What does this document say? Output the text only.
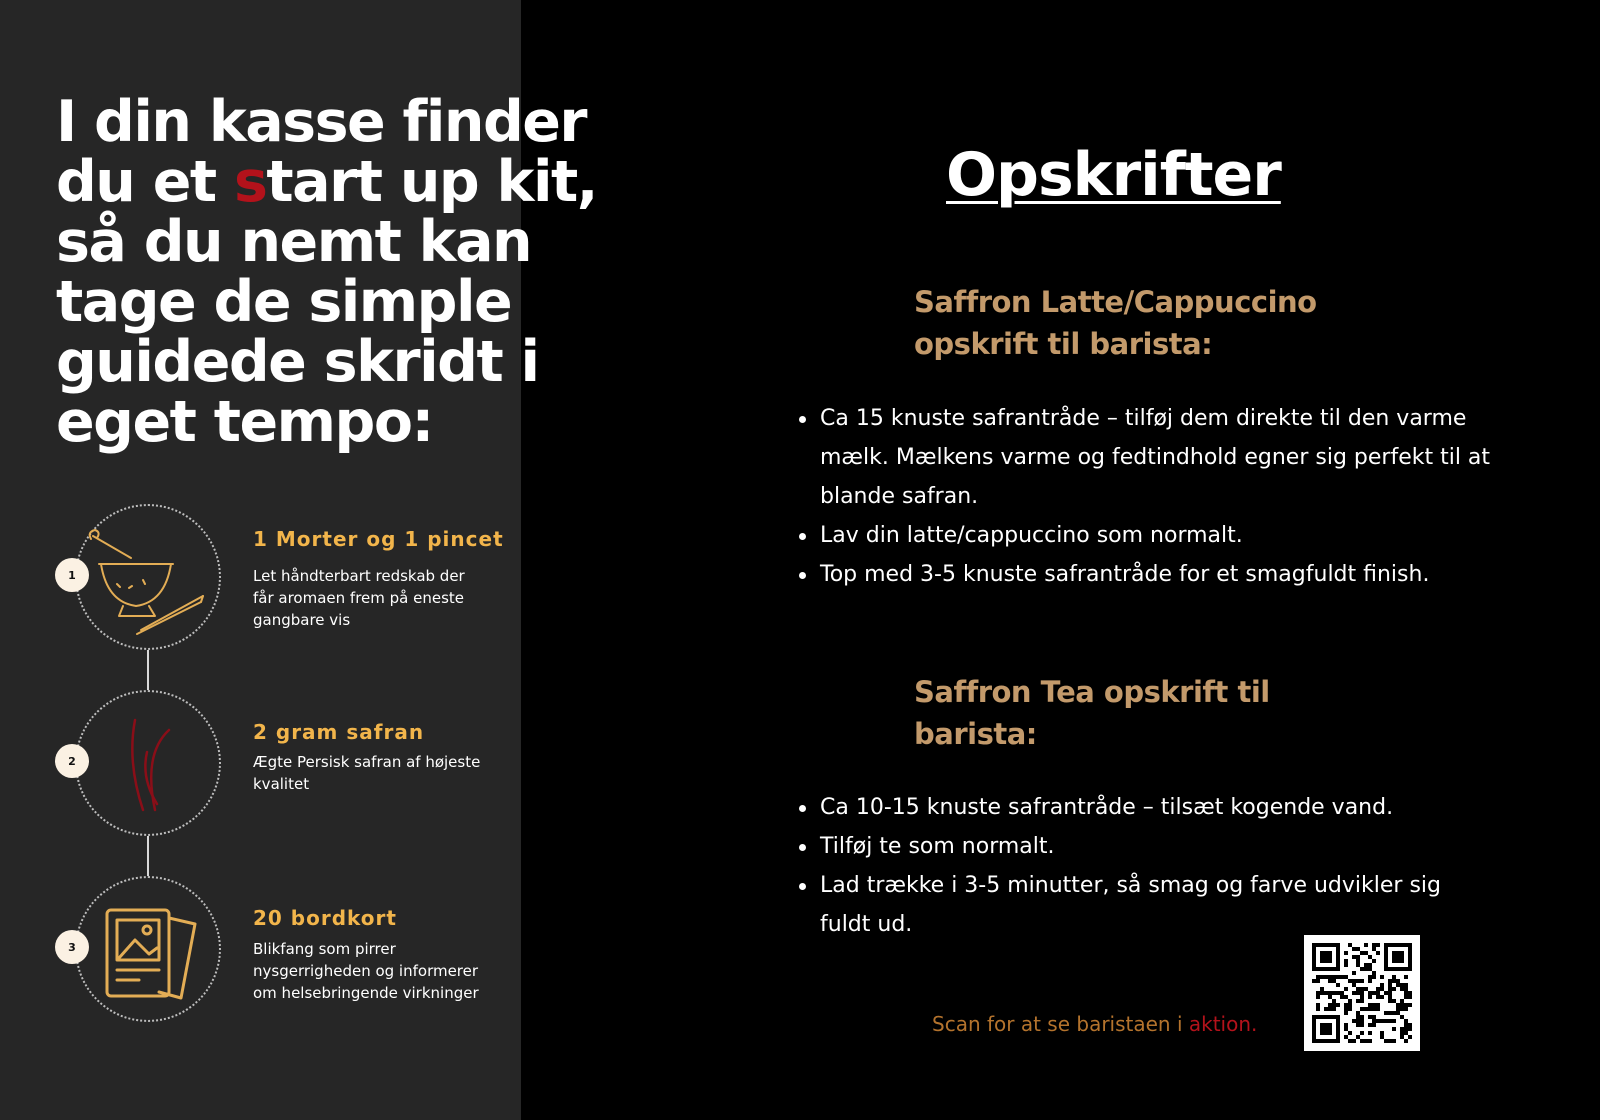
I din kasse finder du et start up kit, så du nemt kan tage de simple guidede skridt i eget tempo:
1
1 Morter og 1 pincet

Let håndterbart redskab der får aromaen frem på eneste gangbare vis

2
2 gram safran

Ægte Persisk safran af højeste kvalitet

3
20 bordkort

Blikfang som pirrer nysgerrigheden og informerer om helsebringende virkninger

Opskrifter
Saffron Latte/Cappuccino opskrift til barista:
Ca 15 knuste safrantråde – tilføj dem direkte til den varme mælk. Mælkens varme og fedtindhold egner sig perfekt til at blande safran.
Lav din latte/cappuccino som normalt.
Top med 3-5 knuste safrantråde for et smagfuldt finish.
Saffron Tea opskrift til barista:
Ca 10-15 knuste safrantråde – tilsæt kogende vand.
Tilføj te som normalt.
Lad trække i 3-5 minutter, så smag og farve udvikler sig fuldt ud.

Scan for at se baristaen i aktion.
